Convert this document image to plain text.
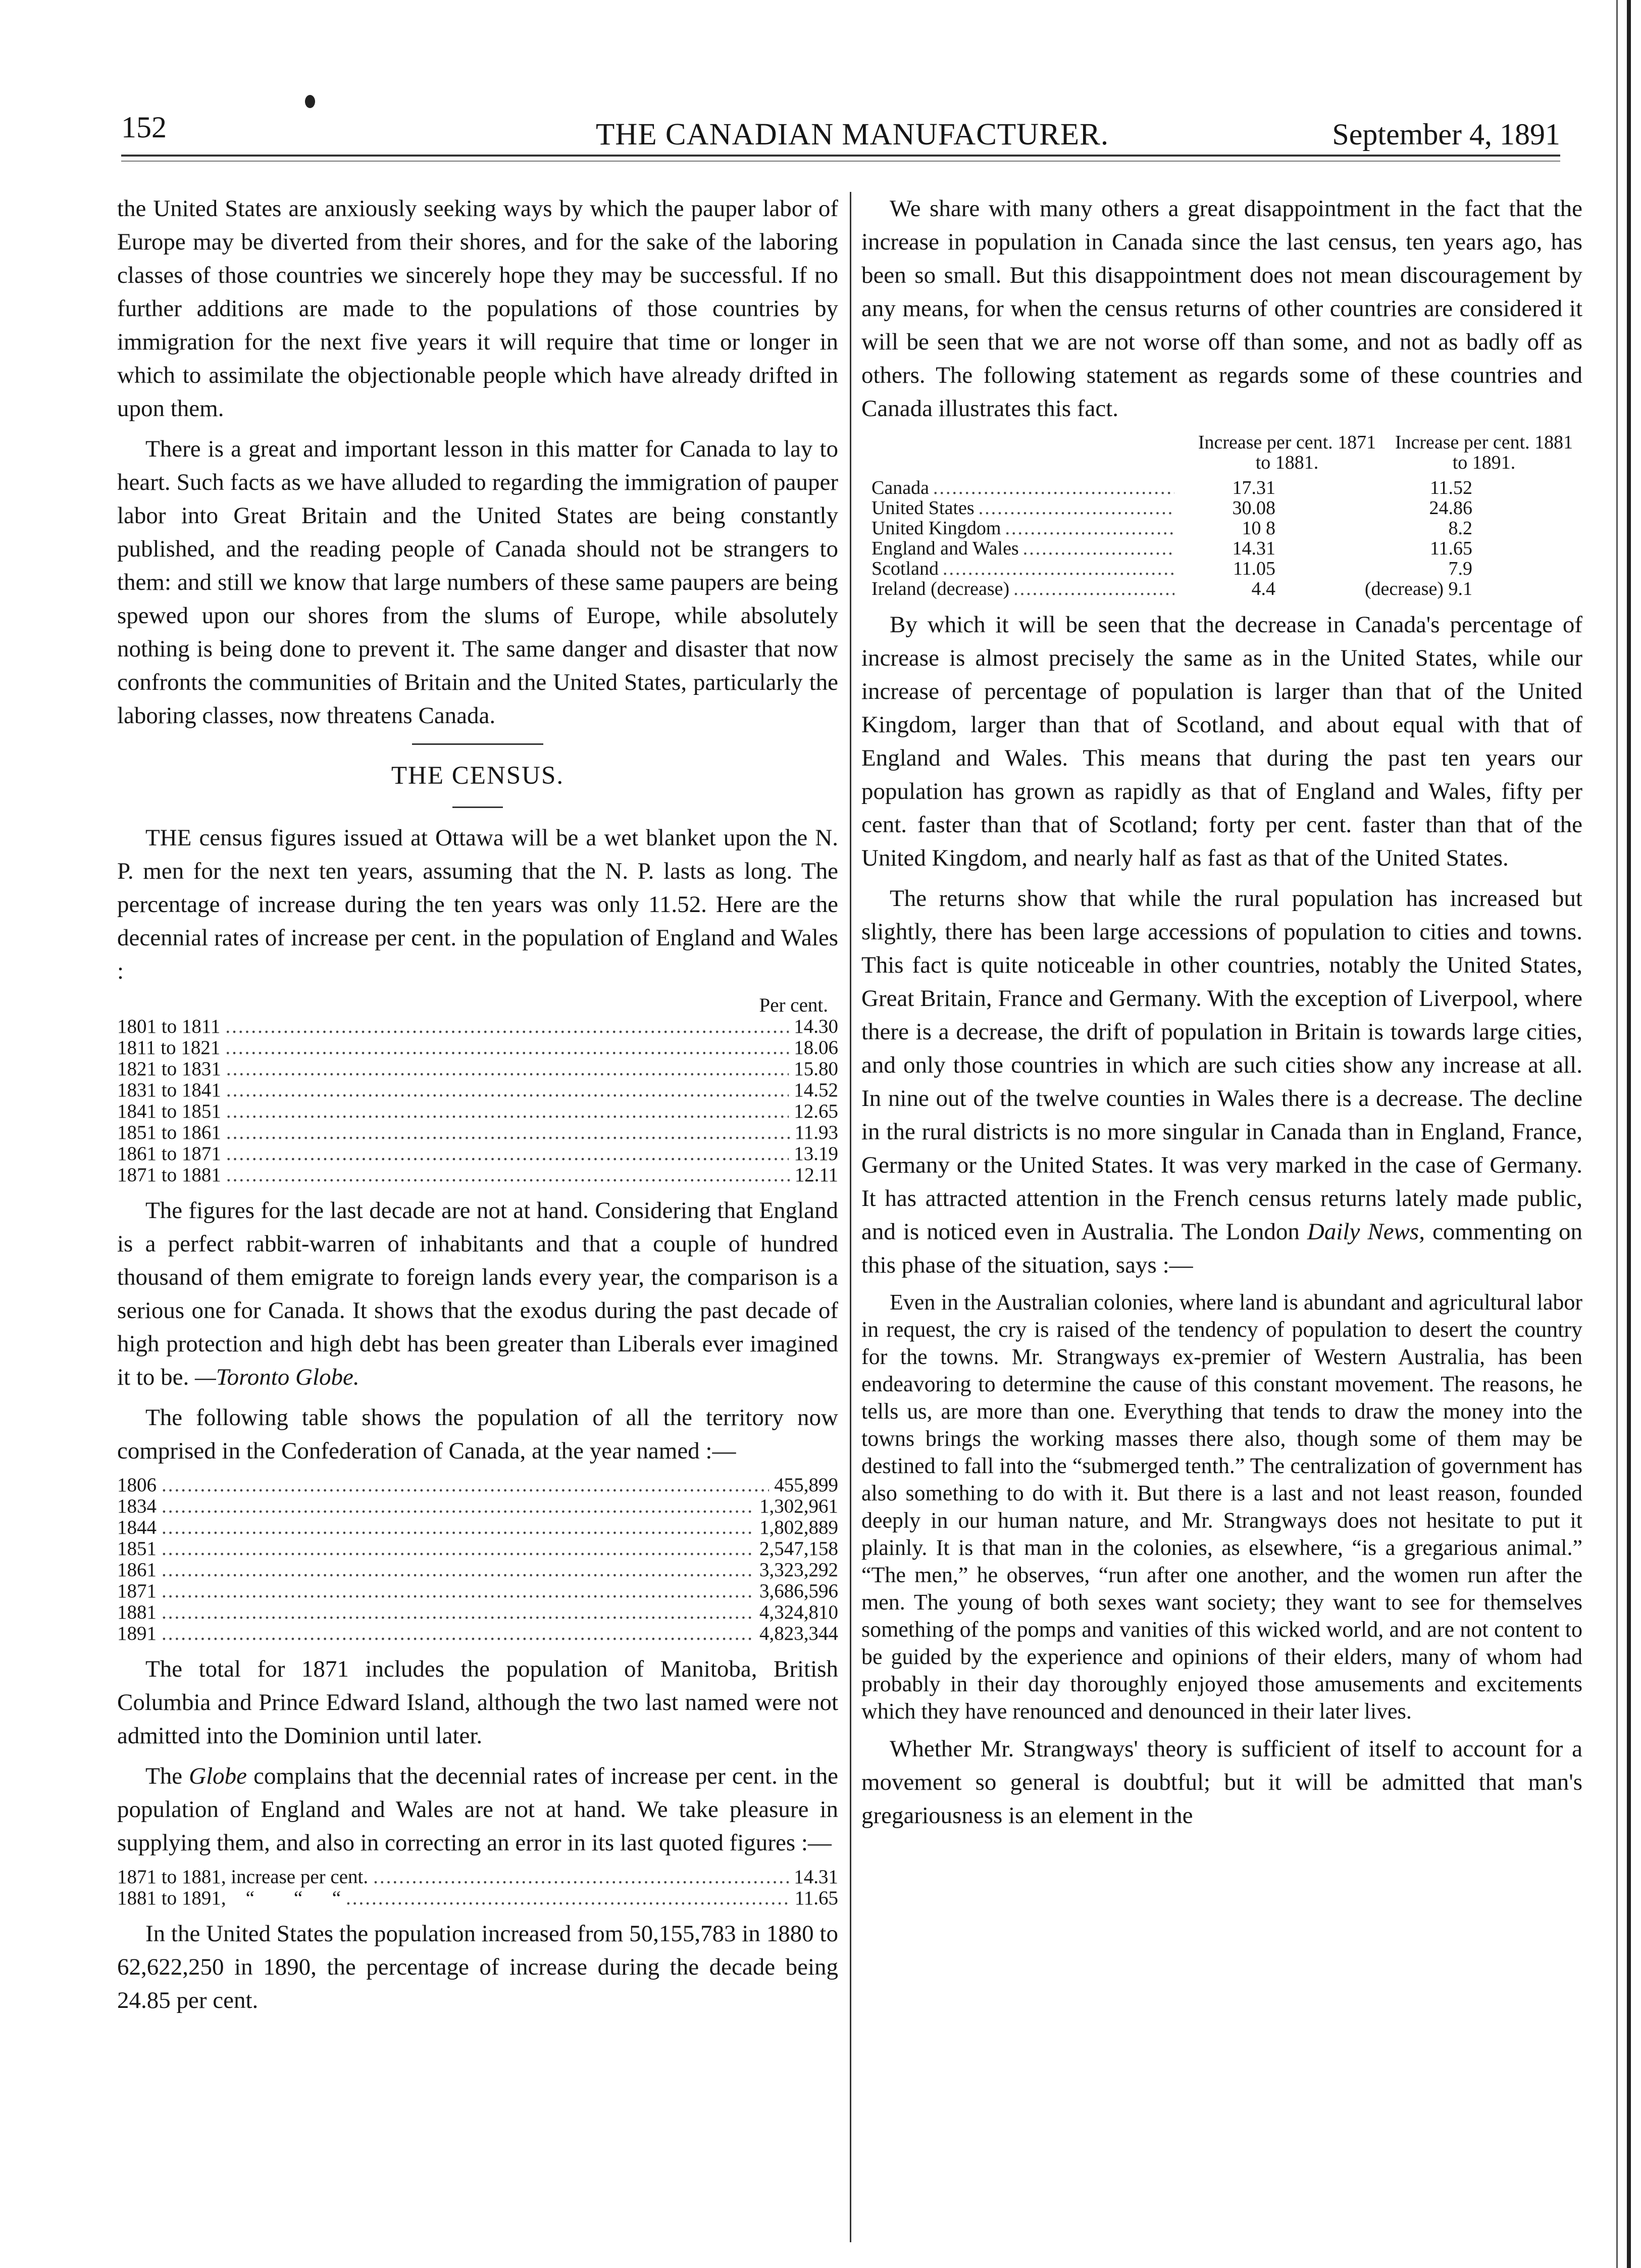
152	THE CANADIAN MANUFACTURER.	September 4, 1891

the United States are anxiously seeking ways by which the pauper labor of Europe may be diverted from their shores, and for the sake of the laboring classes of those countries we sincerely hope they may be successful. If no further additions are made to the populations of those countries by immigration for the next five years it will require that time or longer in which to assimilate the objectionable people which have already drifted in upon them.

There is a great and important lesson in this matter for Canada to lay to heart. Such facts as we have alluded to regarding the immigration of pauper labor into Great Britain and the United States are being constantly published, and the reading people of Canada should not be strangers to them: and still we know that large numbers of these same paupers are being spewed upon our shores from the slums of Europe, while absolutely nothing is being done to prevent it. The same danger and disaster that now confronts the communities of Britain and the United States, particularly the laboring classes, now threatens Canada.

THE CENSUS.

THE census figures issued at Ottawa will be a wet blanket upon the N. P. men for the next ten years, assuming that the N. P. lasts as long. The percentage of increase during the ten years was only 11.52. Here are the decennial rates of increase per cent. in the population of England and Wales :

Per cent.
1801 to 1811 .....	14.30
1811 to 1821 .....	18.06
1821 to 1831 .....	15.80
1831 to 1841 .....	14.52
1841 to 1851 .....	12.65
1851 to 1861 .....	11.93
1861 to 1871 .....	13.19
1871 to 1881 .....	12.11

The figures for the last decade are not at hand. Considering that England is a perfect rabbit-warren of inhabitants and that a couple of hundred thousand of them emigrate to foreign lands every year, the comparison is a serious one for Canada. It shows that the exodus during the past decade of high protection and high debt has been greater than Liberals ever imagined it to be. —Toronto Globe.

The following table shows the population of all the territory now comprised in the Confederation of Canada, at the year named :—

1806 .....	455,899
1834 .....	1,302,961
1844 .....	1,802,889
1851 .....	2,547,158
1861 .....	3,323,292
1871 .....	3,686,596
1881 .....	4,324,810
1891 .....	4,823,344

The total for 1871 includes the population of Manitoba, British Columbia and Prince Edward Island, although the two last named were not admitted into the Dominion until later.

The Globe complains that the decennial rates of increase per cent. in the population of England and Wales are not at hand. We take pleasure in supplying them, and also in correcting an error in its last quoted figures :—

1871 to 1881, increase per cent. .....	14.31
1881 to 1891,    “        “      “ .....	11.65

In the United States the population increased from 50,155,783 in 1880 to 62,622,250 in 1890, the percentage of increase during the decade being 24.85 per cent.

We share with many others a great disappointment in the fact that the increase in population in Canada since the last census, ten years ago, has been so small. But this disappointment does not mean discouragement by any means, for when the census returns of other countries are considered it will be seen that we are not worse off than some, and not as badly off as others. The following statement as regards some of these countries and Canada illustrates this fact.

Increase per cent. 1871 to 1881.
Increase per cent. 1881 to 1891.
Canada .....	17.31	11.52
United States .....	30.08	24.86
United Kingdom .....	10 8	8.2
England and Wales .....	14.31	11.65
Scotland .....	11.05	7.9
Ireland (decrease) .....	4.4	(decrease) 9.1

By which it will be seen that the decrease in Canada's percentage of increase is almost precisely the same as in the United States, while our increase of percentage of population is larger than that of the United Kingdom, larger than that of Scotland, and about equal with that of England and Wales. This means that during the past ten years our population has grown as rapidly as that of England and Wales, fifty per cent. faster than that of Scotland; forty per cent. faster than that of the United Kingdom, and nearly half as fast as that of the United States.

The returns show that while the rural population has increased but slightly, there has been large accessions of population to cities and towns. This fact is quite noticeable in other countries, notably the United States, Great Britain, France and Germany. With the exception of Liverpool, where there is a decrease, the drift of population in Britain is towards large cities, and only those countries in which are such cities show any increase at all. In nine out of the twelve counties in Wales there is a decrease. The decline in the rural districts is no more singular in Canada than in England, France, Germany or the United States. It was very marked in the case of Germany. It has attracted attention in the French census returns lately made public, and is noticed even in Australia. The London Daily News, commenting on this phase of the situation, says :—

Even in the Australian colonies, where land is abundant and agricultural labor in request, the cry is raised of the tendency of population to desert the country for the towns. Mr. Strangways ex-premier of Western Australia, has been endeavoring to determine the cause of this constant movement. The reasons, he tells us, are more than one. Everything that tends to draw the money into the towns brings the working masses there also, though some of them may be destined to fall into the “submerged tenth.” The centralization of government has also something to do with it. But there is a last and not least reason, founded deeply in our human nature, and Mr. Strangways does not hesitate to put it plainly. It is that man in the colonies, as elsewhere, “is a gregarious animal.” “The men,” he observes, “run after one another, and the women run after the men. The young of both sexes want society; they want to see for themselves something of the pomps and vanities of this wicked world, and are not content to be guided by the experience and opinions of their elders, many of whom had probably in their day thoroughly enjoyed those amusements and excitements which they have renounced and denounced in their later lives.

Whether Mr. Strangways' theory is sufficient of itself to account for a movement so general is doubtful; but it will be admitted that man's gregariousness is an element in the
